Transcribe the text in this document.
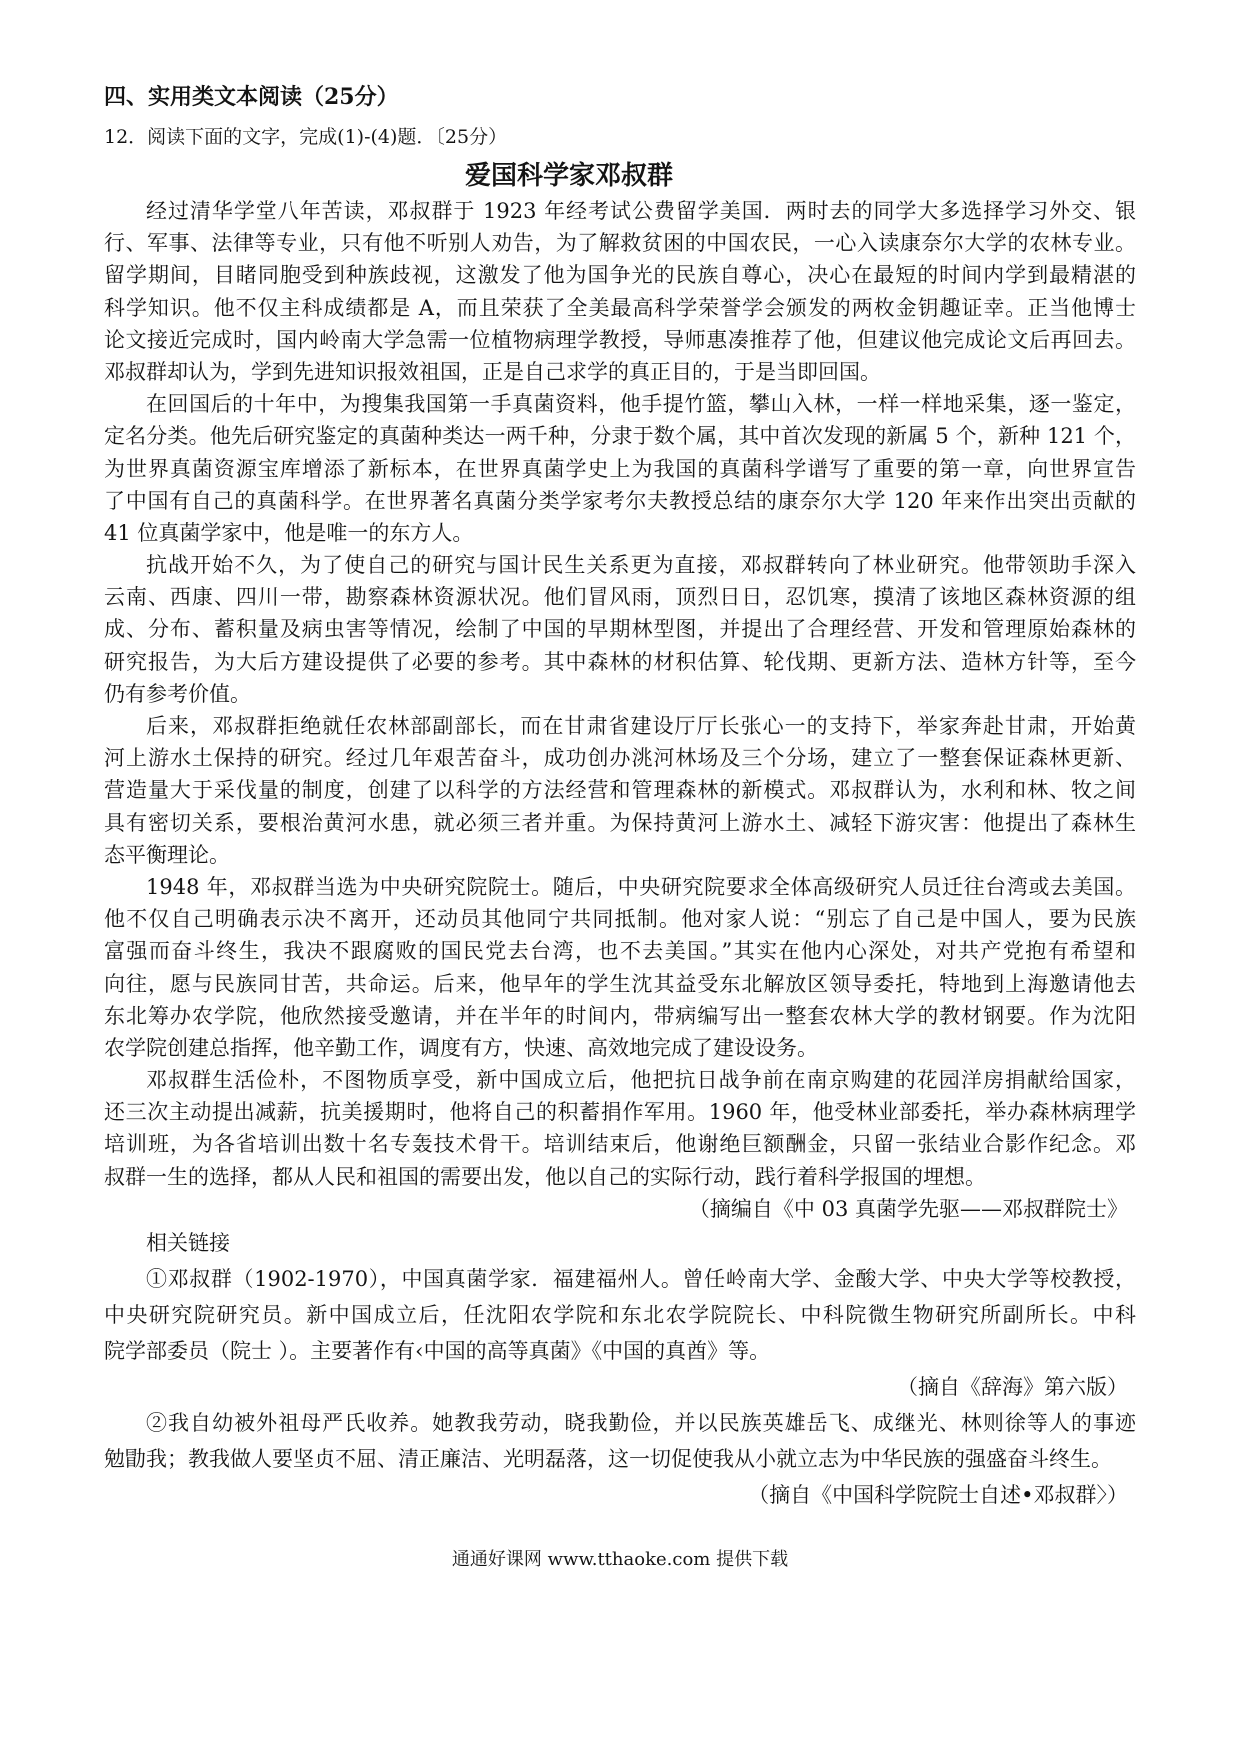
四、实用类文本阅读（25分）
12．阅读下面的文字，完成(1)-(4)题．〔25分）
爱国科学家邓叔群
经过清华学堂八年苦读，邓叔群于 1923 年经考试公费留学美国．两时去的同学大多选择学习外交、银
行、军事、法律等专业，只有他不听别人劝告，为了解救贫困的中国农民，一心入读康奈尔大学的农林专业。
留学期间，目睹同胞受到种族歧视，这激发了他为国争光的民族自尊心，决心在最短的时间内学到最精湛的
科学知识。他不仅主科成绩都是 A，而且荣获了全美最高科学荣誉学会颁发的两枚金钥趣证幸。正当他博士
论文接近完成时，国内岭南大学急需一位植物病理学教授，导师惠凑推荐了他，但建议他完成论文后再回去。
邓叔群却认为，学到先进知识报效祖国，正是自己求学的真正目的，于是当即回国。
在回国后的十年中，为搜集我国第一手真菌资料，他手提竹篮，攀山入林，一样一样地采集，逐一鉴定，
定名分类。他先后研究鉴定的真菌种类达一两千种，分隶于数个属，其中首次发现的新属 5 个，新种 121 个，
为世界真菌资源宝库增添了新标本，在世界真菌学史上为我国的真菌科学谱写了重要的第一章，向世界宣告
了中国有自己的真菌科学。在世界著名真菌分类学家考尔夫教授总结的康奈尔大学 120 年来作出突出贡献的
41 位真菌学家中，他是唯一的东方人。
抗战开始不久，为了使自己的研究与国计民生关系更为直接，邓叔群转向了林业研究。他带领助手深入
云南、西康、四川一带，勘察森林资源状况。他们冒风雨，顶烈日日，忍饥寒，摸清了该地区森林资源的组
成、分布、蓄积量及病虫害等情况，绘制了中国的早期林型图，并提出了合理经营、开发和管理原始森林的
研究报告，为大后方建设提供了必要的参考。其中森林的材积估算、轮伐期、更新方法、造林方针等，至今
仍有参考价值。
后来，邓叔群拒绝就任农林部副部长，而在甘肃省建设厅厅长张心一的支持下，举家奔赴甘肃，开始黄
河上游水土保持的研究。经过几年艰苦奋斗，成功创办洮河林场及三个分场，建立了一整套保证森林更新、
营造量大于采伐量的制度，创建了以科学的方法经营和管理森林的新模式。邓叔群认为，水利和林、牧之间
具有密切关系，要根治黄河水患，就必须三者并重。为保持黄河上游水土、减轻下游灾害：他提出了森林生
态平衡理论。
1948 年，邓叔群当选为中央研究院院士。随后，中央研究院要求全体高级研究人员迁往台湾或去美国。
他不仅自己明确表示决不离开，还动员其他同宁共同抵制。他对家人说：“别忘了自己是中国人，要为民族
富强而奋斗终生，我决不跟腐败的国民党去台湾，也不去美国。”其实在他内心深处，对共产党抱有希望和
向往，愿与民族同甘苦，共命运。后来，他早年的学生沈其益受东北解放区领导委托，特地到上海邀请他去
东北筹办农学院，他欣然接受邀请，并在半年的时间内，带病编写出一整套农林大学的教材钢要。作为沈阳
农学院创建总指挥，他辛勤工作，调度有方，快速、高效地完成了建设设务。
邓叔群生活俭朴，不图物质享受，新中国成立后，他把抗日战争前在南京购建的花园洋房捐献给国家，
还三次主动提出减薪，抗美援期时，他将自己的积蓄捐作军用。1960 年，他受林业部委托，举办森林病理学
培训班，为各省培训出数十名专轰技术骨干。培训结束后，他谢绝巨额酬金，只留一张结业合影作纪念。邓
叔群一生的选择，都从人民和祖国的需要出发，他以自己的实际行动，践行着科学报国的埋想。
（摘编自《中 03 真菌学先驱——邓叔群院士》
相关链接
①邓叔群（1902-1970），中国真菌学家．福建福州人。曾任岭南大学、金酸大学、中央大学等校教授，
中央研究院研究员。新中国成立后，任沈阳农学院和东北农学院院长、中科院微生物研究所副所长。中科
院学部委员（院士 ）。主要著作有‹中国的高等真菌》《中国的真酋》等。
（摘自《辞海》第六版）
②我自幼被外祖母严氏收养。她教我劳动，晓我勤俭，并以民族英雄岳飞、成继光、林则徐等人的事迹
勉勖我；教我做人要坚贞不屈、清正廉洁、光明磊落，这一切促使我从小就立志为中华民族的强盛奋斗终生。
（摘自《中国科学院院士自述•邓叔群〉）
通通好课网 www.tthaoke.com 提供下载
